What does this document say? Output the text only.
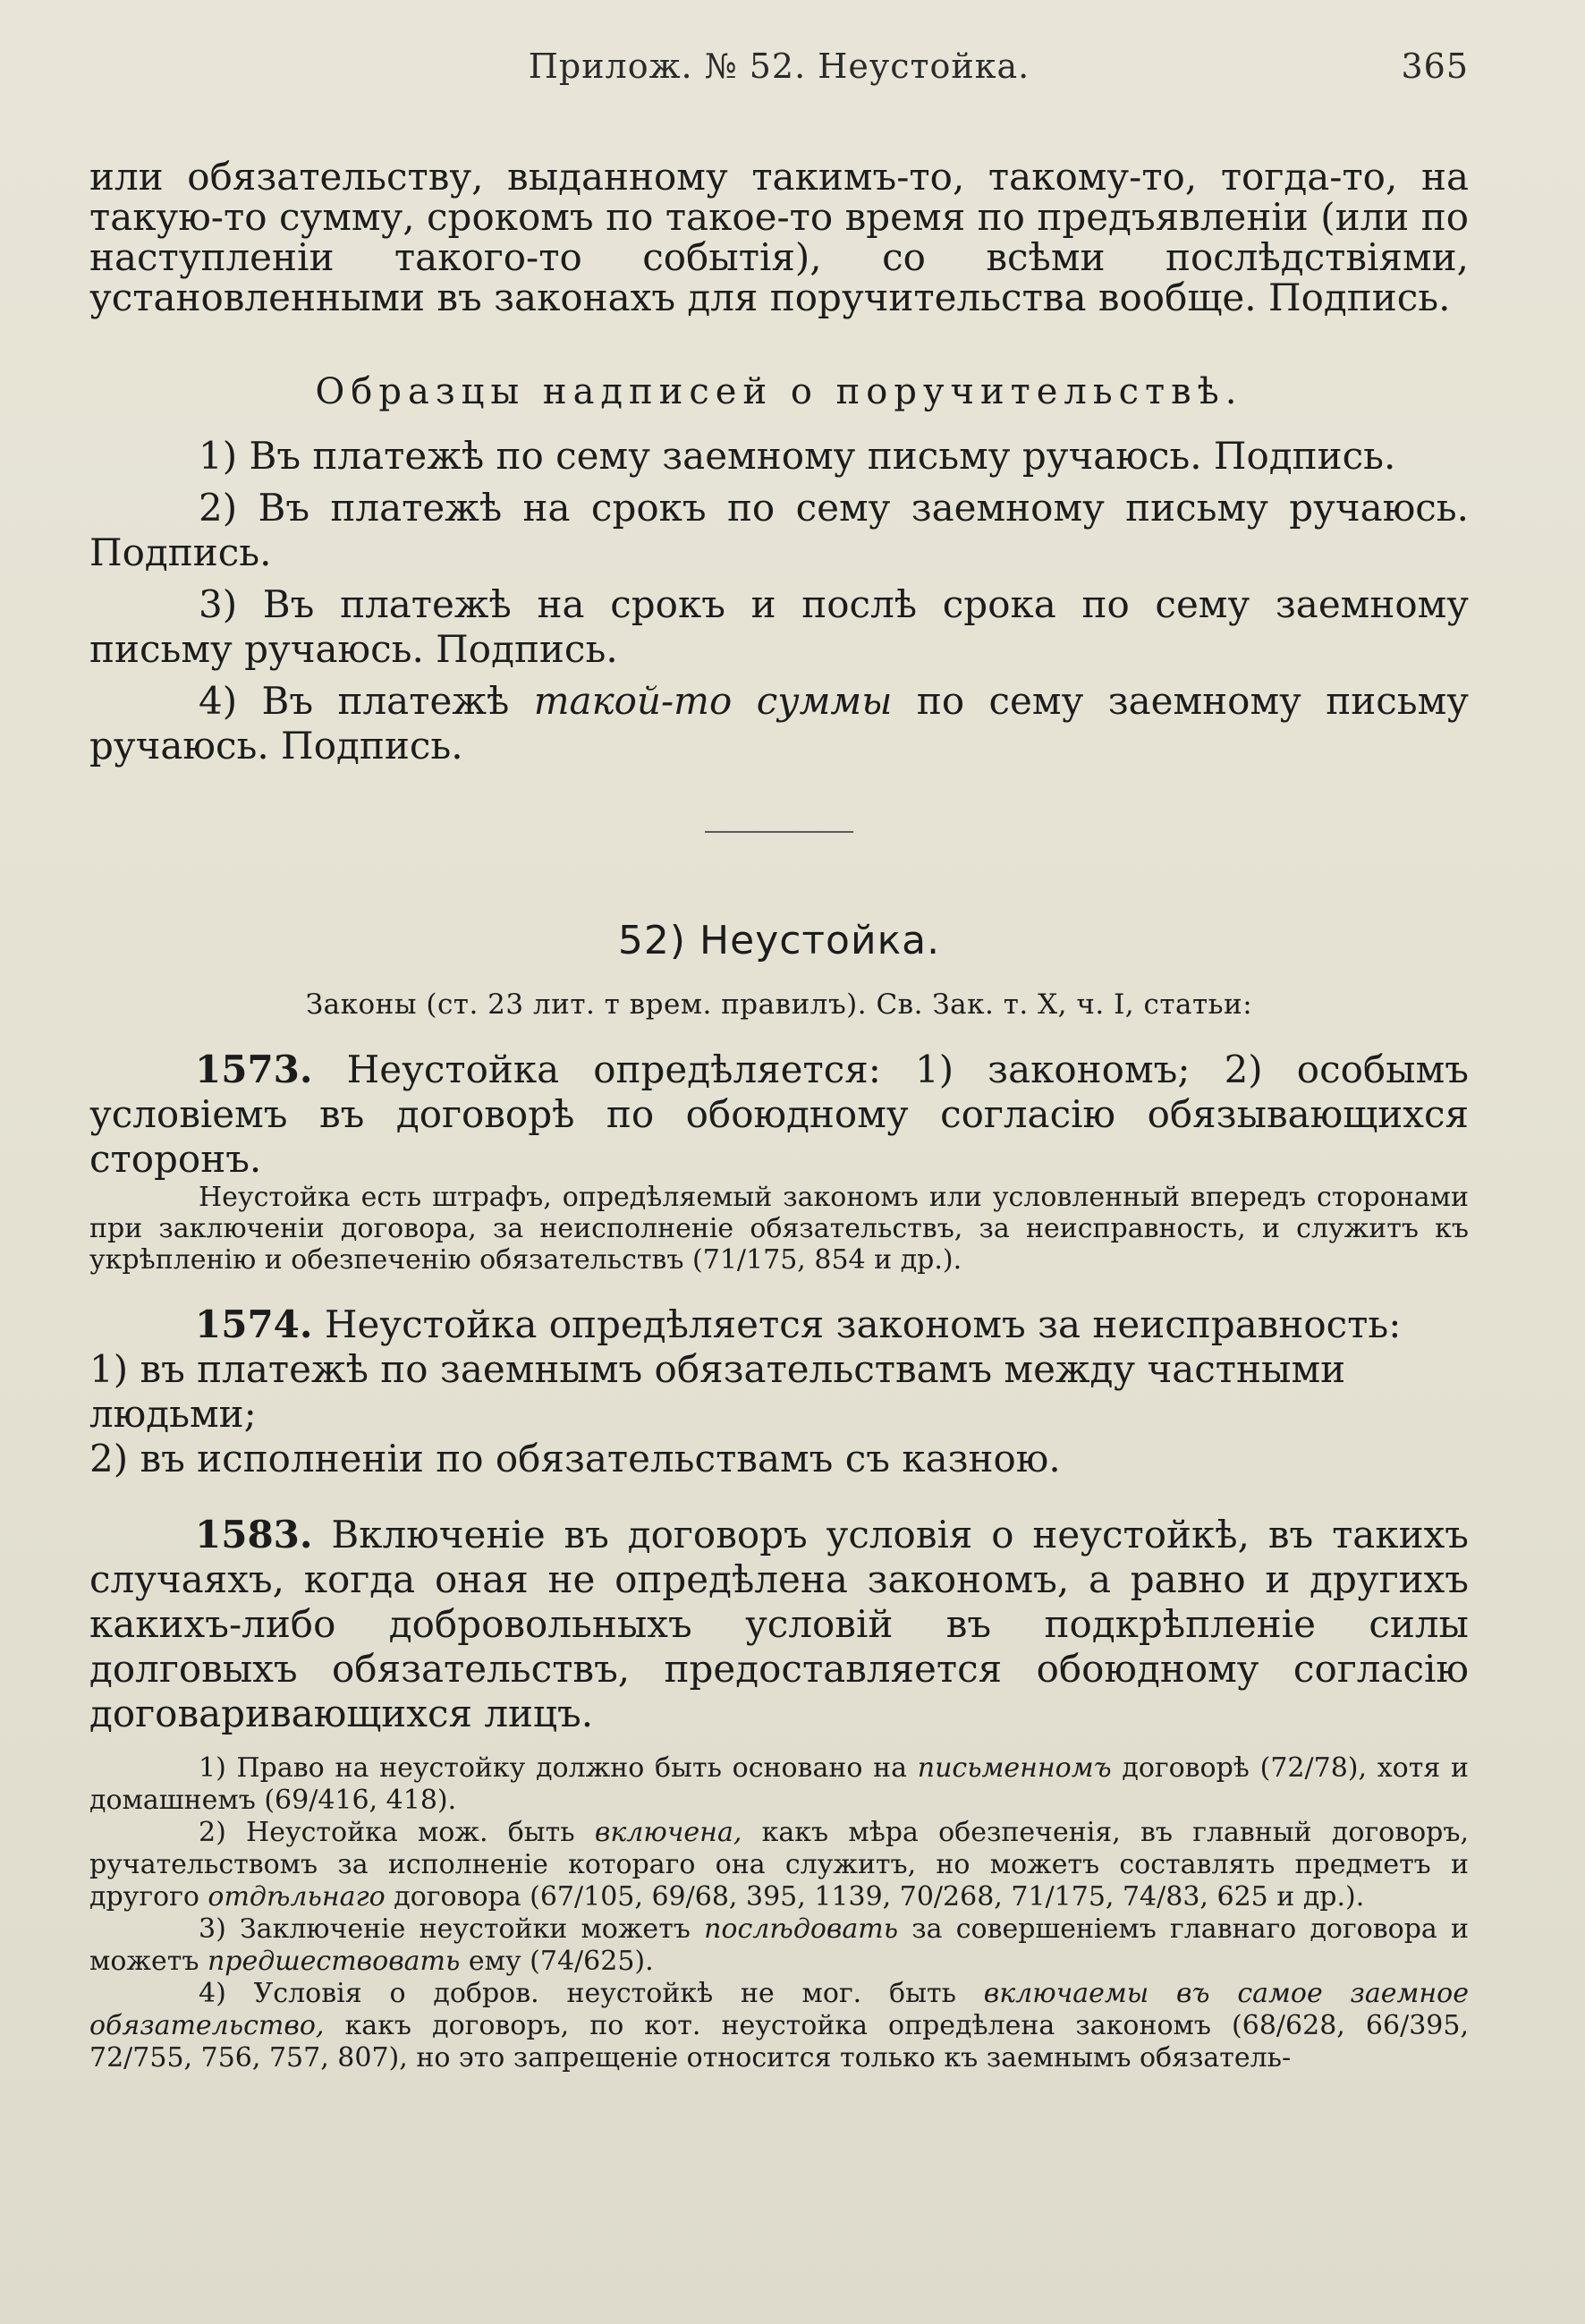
Прилож. № 52. Неустойка.	365

или обязательству, выданному такимъ-то, такому-то, тогда-то, на такую-то сумму, срокомъ по такое-то время по предъявленіи (или по наступленіи такого-то событія), со всѣми послѣдствіями, установленными въ законахъ для поручительства вообще. Подпись.

Образцы надписей о поручительствѣ.

1) Въ платежѣ по сему заемному письму ручаюсь. Подпись.

2) Въ платежѣ на срокъ по сему заемному письму ручаюсь. Подпись.

3) Въ платежѣ на срокъ и послѣ срока по сему заемному письму ручаюсь. Подпись.

4) Въ платежѣ такой-то суммы по сему заемному письму ручаюсь. Подпись.

52) Неустойка.

Законы (ст. 23 лит. т врем. правилъ). Св. Зак. т. X, ч. I, статьи:

1573. Неустойка опредѣляется: 1) закономъ; 2) особымъ условіемъ въ договорѣ по обоюдному согласію обязывающихся сторонъ.

Неустойка есть штрафъ, опредѣляемый закономъ или условленный впередъ сторонами при заключеніи договора, за неисполненіе обязательствъ, за неисправность, и служитъ къ укрѣпленію и обезпеченію обязательствъ (71/175, 854 и др.).

1574. Неустойка опредѣляется закономъ за неисправность:

1) въ платежѣ по заемнымъ обязательствамъ между частными людьми;

2) въ исполненіи по обязательствамъ съ казною.

1583. Включеніе въ договоръ условія о неустойкѣ, въ такихъ случаяхъ, когда оная не опредѣлена закономъ, а равно и другихъ какихъ-либо добровольныхъ условій въ подкрѣпленіе силы долговыхъ обязательствъ, предоставляется обоюдному согласію договаривающихся лицъ.

1) Право на неустойку должно быть основано на письменномъ договорѣ (72/78), хотя и домашнемъ (69/416, 418).

2) Неустойка мож. быть включена, какъ мѣра обезпеченія, въ главный договоръ, ручательствомъ за исполненіе котораго она служитъ, но можетъ составлять предметъ и другого отдѣльнаго договора (67/105, 69/68, 395, 1139, 70/268, 71/175, 74/83, 625 и др.).

3) Заключеніе неустойки можетъ послѣдовать за совершеніемъ главнаго договора и можетъ предшествовать ему (74/625).

4) Условія о добров. неустойкѣ не мог. быть включаемы въ самое заемное обязательство, какъ договоръ, по кот. неустойка опредѣлена закономъ (68/628, 66/395, 72/755, 756, 757, 807), но это запрещеніе относится только къ заемнымъ обязатель-
